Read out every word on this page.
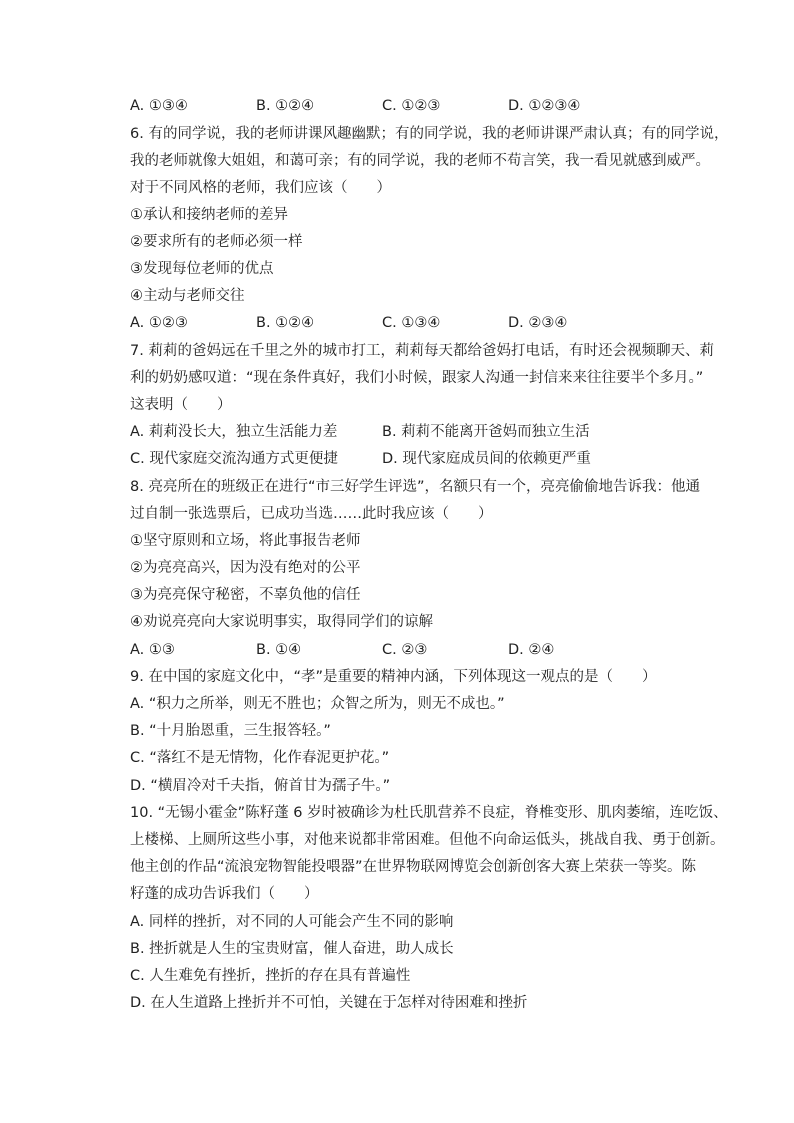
A. ①③④	B. ①②④	C. ①②③	D. ①②③④
6. 有的同学说，我的老师讲课风趣幽默；有的同学说，我的老师讲课严肃认真；有的同学说，
我的老师就像大姐姐，和蔼可亲；有的同学说，我的老师不苟言笑，我一看见就感到威严。
对于不同风格的老师，我们应该（　　）
①承认和接纳老师的差异
②要求所有的老师必须一样
③发现每位老师的优点
④主动与老师交往
A. ①②③	B. ①②④	C. ①③④	D. ②③④
7. 莉莉的爸妈远在千里之外的城市打工，莉莉每天都给爸妈打电话，有时还会视频聊天、莉
利的奶奶感叹道：“现在条件真好，我们小时候，跟家人沟通一封信来来往往要半个多月。”
这表明（　　）
A. 莉莉没长大，独立生活能力差	B. 莉莉不能离开爸妈而独立生活
C. 现代家庭交流沟通方式更便捷	D. 现代家庭成员间的依赖更严重
8. 亮亮所在的班级正在进行“市三好学生评选”，名额只有一个，亮亮偷偷地告诉我：他通
过自制一张选票后，已成功当选……此时我应该（　　）
①坚守原则和立场，将此事报告老师
②为亮亮高兴，因为没有绝对的公平
③为亮亮保守秘密，不辜负他的信任
④劝说亮亮向大家说明事实，取得同学们的谅解
A. ①③	B. ①④	C. ②③	D. ②④
9. 在中国的家庭文化中，“孝”是重要的精神内涵，下列体现这一观点的是（　　）
A. “积力之所举，则无不胜也；众智之所为，则无不成也。”
B. “十月胎恩重，三生报答轻。”
C. “落红不是无情物，化作春泥更护花。”
D. “横眉冷对千夫指，俯首甘为孺子牛。”
10. “无锡小霍金”陈籽蓬 6 岁时被确诊为杜氏肌营养不良症，脊椎变形、肌肉萎缩，连吃饭、
上楼梯、上厕所这些小事，对他来说都非常困难。但他不向命运低头，挑战自我、勇于创新。
他主创的作品“流浪宠物智能投喂器”在世界物联网博览会创新创客大赛上荣获一等奖。陈
籽蓬的成功告诉我们（　　）
A. 同样的挫折，对不同的人可能会产生不同的影响
B. 挫折就是人生的宝贵财富，催人奋进，助人成长
C. 人生难免有挫折，挫折的存在具有普遍性
D. 在人生道路上挫折并不可怕，关键在于怎样对待困难和挫折
